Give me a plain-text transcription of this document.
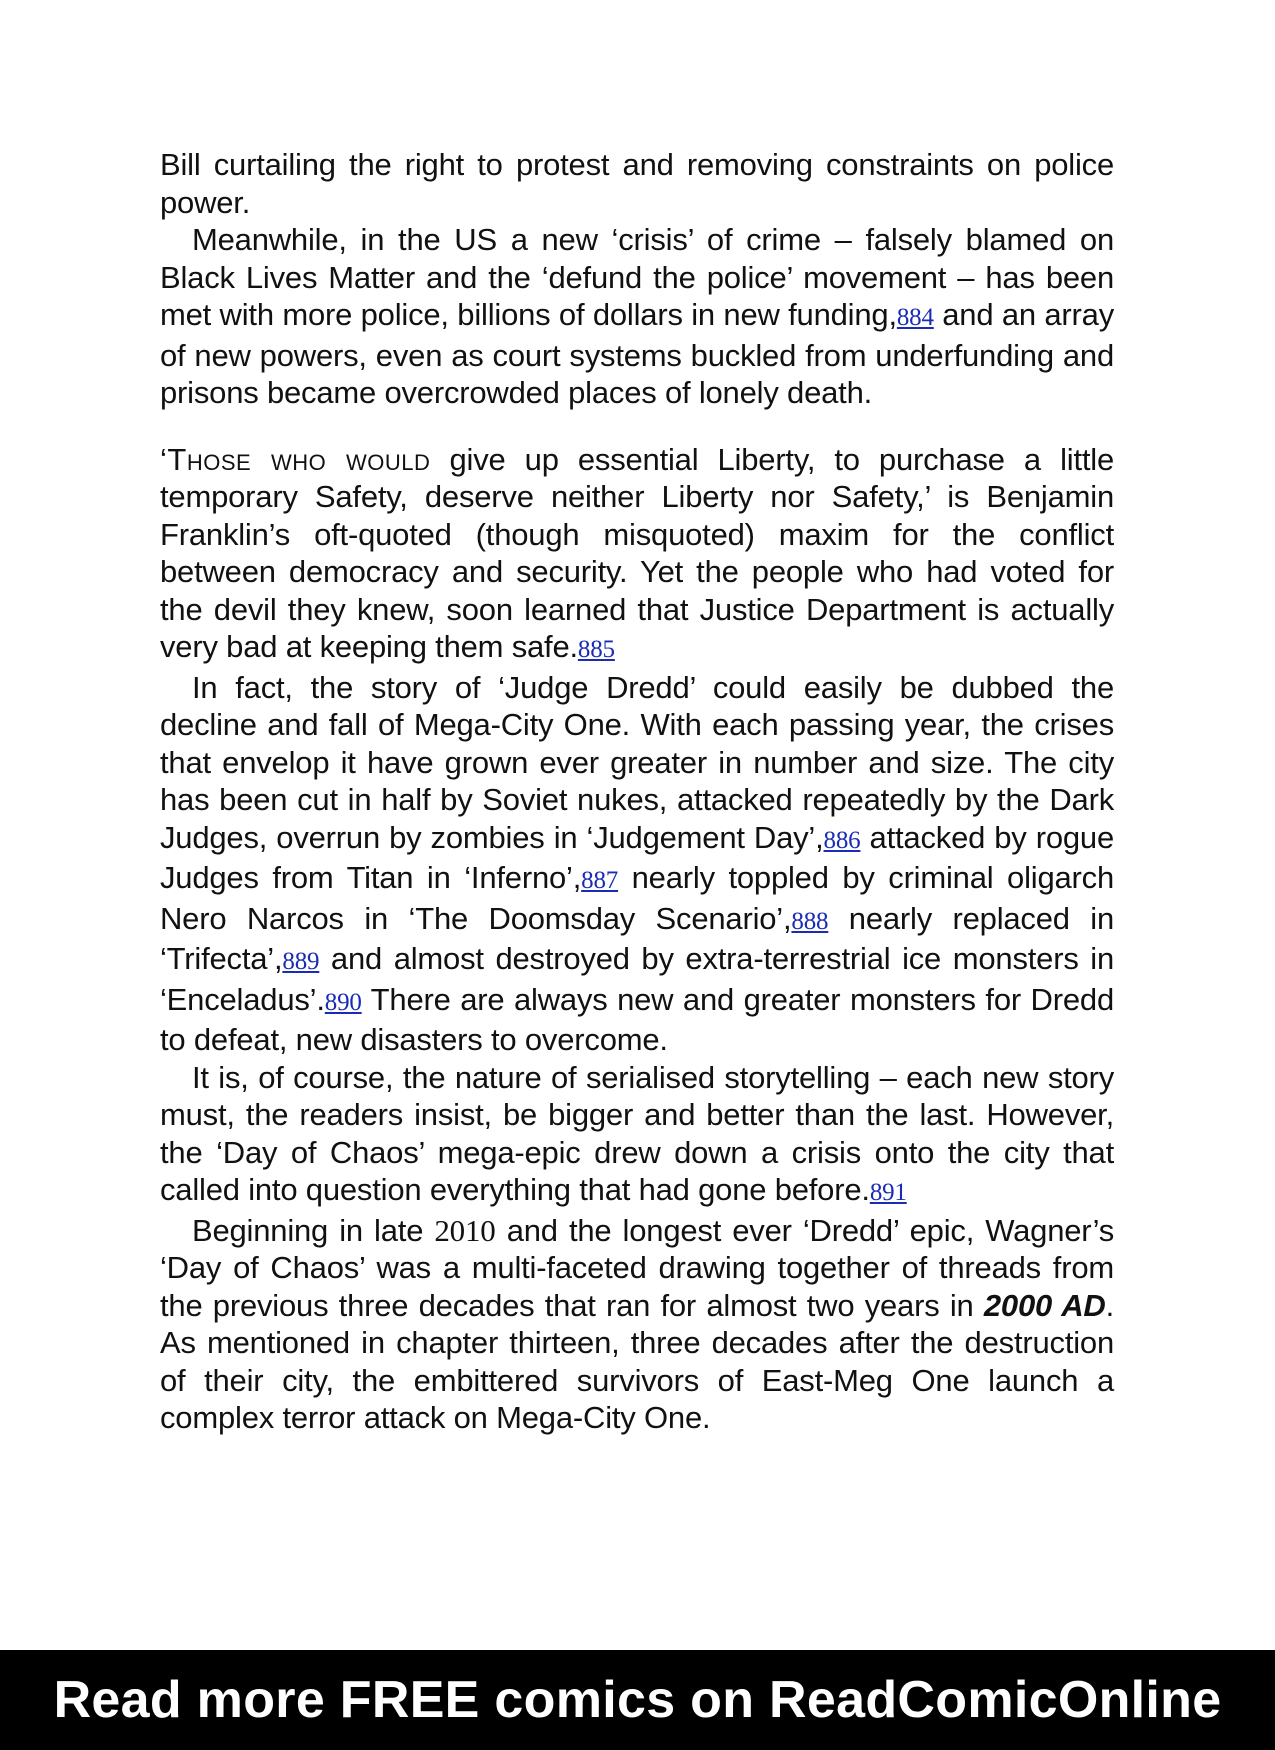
Bill curtailing the right to protest and removing constraints on police power.

Meanwhile, in the US a new ‘crisis’ of crime – falsely blamed on Black Lives Matter and the ‘defund the police’ movement – has been met with more police, billions of dollars in new funding,884 and an array of new powers, even as court systems buckled from underfunding and prisons became overcrowded places of lonely death.

‘Those who would give up essential Liberty, to purchase a little temporary Safety, deserve neither Liberty nor Safety,’ is Benjamin Franklin’s oft-quoted (though misquoted) maxim for the conflict between democracy and security. Yet the people who had voted for the devil they knew, soon learned that Justice Department is actually very bad at keeping them safe.885

In fact, the story of ‘Judge Dredd’ could easily be dubbed the decline and fall of Mega-City One. With each passing year, the crises that envelop it have grown ever greater in number and size. The city has been cut in half by Soviet nukes, attacked repeatedly by the Dark Judges, overrun by zombies in ‘Judgement Day’,886 attacked by rogue Judges from Titan in ‘Inferno’,887 nearly toppled by criminal oligarch Nero Narcos in ‘The Doomsday Scenario’,888 nearly replaced in ‘Trifecta’,889 and almost destroyed by extra-terrestrial ice monsters in ‘Enceladus’.890 There are always new and greater monsters for Dredd to defeat, new disasters to overcome.

It is, of course, the nature of serialised storytelling – each new story must, the readers insist, be bigger and better than the last. However, the ‘Day of Chaos’ mega-epic drew down a crisis onto the city that called into question everything that had gone before.891

Beginning in late 2010 and the longest ever ‘Dredd’ epic, Wagner’s ‘Day of Chaos’ was a multi-faceted drawing together of threads from the previous three decades that ran for almost two years in 2000 AD. As mentioned in chapter thirteen, three decades after the destruction of their city, the embittered survivors of East-Meg One launch a complex terror attack on Mega-City One.

Read more FREE comics on ReadComicOnline
